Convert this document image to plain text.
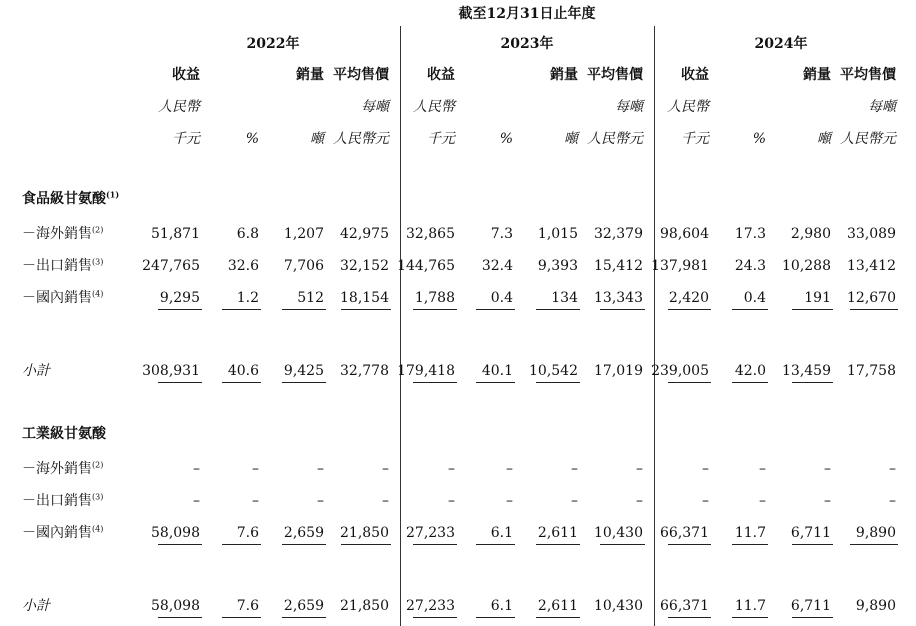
截至12月31日止年度
2022年	2023年	2024年
收益	銷量 平均售價
人民幣	每噸
千元	%	噸 人民幣元
收益	銷量 平均售價
人民幣	每噸
千元	%	噸 人民幣元
收益	銷量 平均售價
人民幣	每噸
千元	%	噸 人民幣元
食品級甘氨酸$^{(1)}$
－海外銷售$^{(2)}$	51,871	6.8	1,207	42,975	32,865	7.3	1,015	32,379	98,604	17.3	2,980	33,089
－出口銷售$^{(3)}$	247,765	32.6	7,706	32,152 144,765	32.4	9,393	15,412 137,981	24.3	10,288	13,412
－國內銷售$^{(4)}$	9,295	1.2	512	18,154	1,788	0.4	134	13,343	2,420	0.4	191	12,670
小計	308,931	40.6	9,425	32,778 179,418	40.1	10,542	17,019 239,005	42.0	13,459	17,758
工業級甘氨酸
－海外銷售$^{(2)}$	–	–	–	–	–	–	–	–	–	–	–	–
－出口銷售$^{(3)}$	–	–	–	–	–	–	–	–	–	–	–	–
－國內銷售$^{(4)}$	58,098	7.6	2,659	21,850	27,233	6.1	2,611	10,430	66,371	11.7	6,711	9,890
小計	58,098	7.6	2,659	21,850	27,233	6.1	2,611	10,430	66,371	11.7	6,711	9,890
